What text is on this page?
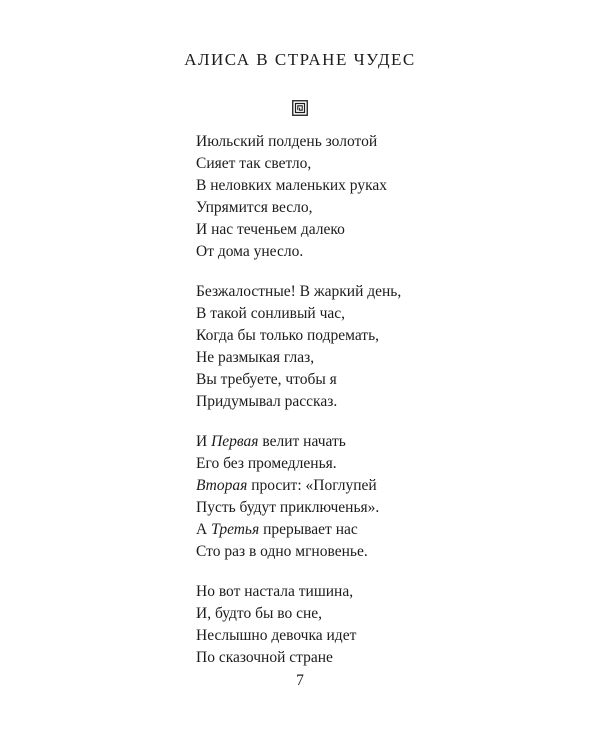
АЛИСА В СТРАНЕ ЧУДЕС
Июльский полдень золотой
Сияет так светло,
В неловких маленьких руках
Упрямится весло,
И нас теченьем далеко
От дома унесло.
Безжалостные! В жаркий день,
В такой сонливый час,
Когда бы только подремать,
Не размыкая глаз,
Вы требуете, чтобы я
Придумывал рассказ.
И Первая велит начать
Его без промедленья.
Вторая просит: «Поглупей
Пусть будут приключенья».
А Третья прерывает нас
Сто раз в одно мгновенье.
Но вот настала тишина,
И, будто бы во сне,
Неслышно девочка идет
По сказочной стране
7
